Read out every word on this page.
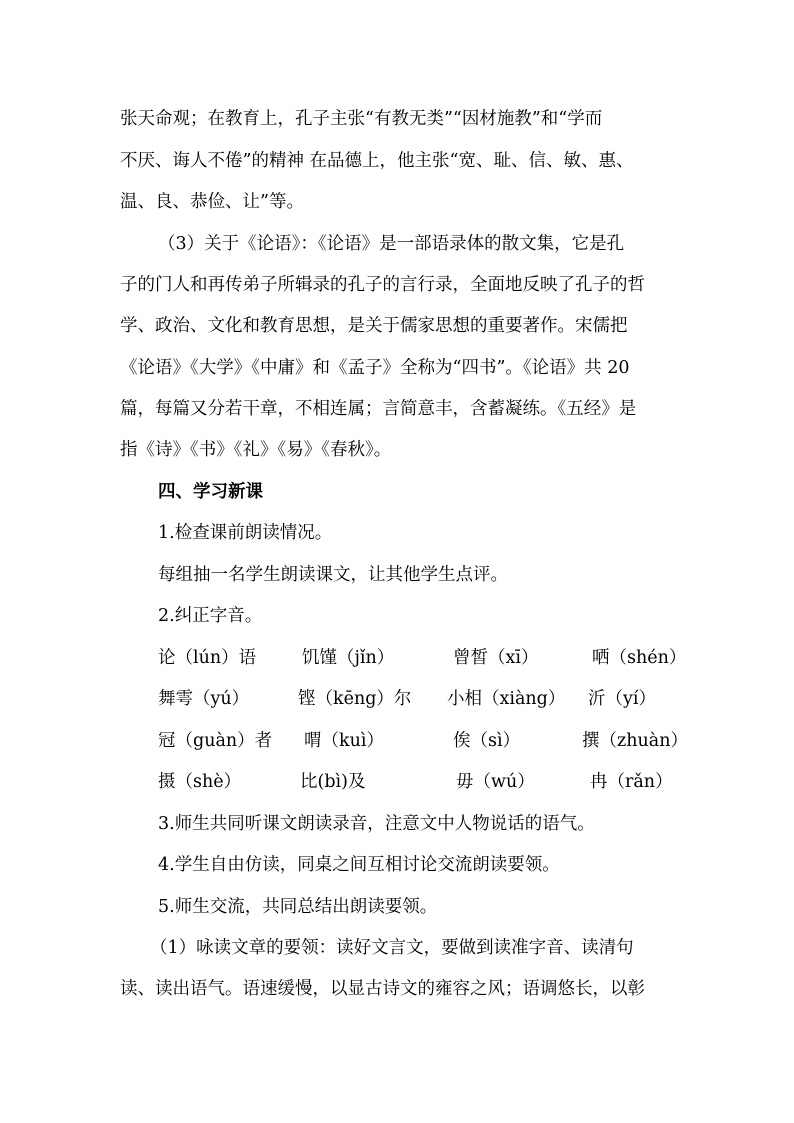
张天命观；在教育上，孔子主张“有教无类”“因材施教”和“学而
不厌、诲人不倦”的精神 在品德上，他主张“宽、耻、信、敏、惠、
温、良、恭俭、让”等。
（3）关于《论语》：《论语》是一部语录体的散文集，它是孔
子的门人和再传弟子所辑录的孔子的言行录，全面地反映了孔子的哲
学、政治、文化和教育思想，是关于儒家思想的重要著作。宋儒把
《论语》《大学》《中庸》和《孟子》全称为“四书”。《论语》共 20
篇，每篇又分若干章，不相连属；言简意丰，含蓄凝练。《五经》是
指《诗》《书》《礼》《易》《春秋》。
四、学习新课
1.检查课前朗读情况。
每组抽一名学生朗读课文，让其他学生点评。
2.纠正字音。
论（lún）语	饥馑（jǐn）	曾皙（xī）	哂（shén）
舞雩（yú）	铿（kēng）尔 小相（xiàng） 沂（yí）
冠（guàn）者 喟（kuì）	俟（sì）	撰（zhuàn）
摄（shè）	比(bì)及	毋（wú）	冉（rǎn）
3.师生共同听课文朗读录音，注意文中人物说话的语气。
4.学生自由仿读，同桌之间互相讨论交流朗读要领。
5.师生交流，共同总结出朗读要领。
（1）咏读文章的要领：读好文言文，要做到读准字音、读清句
读、读出语气。语速缓慢，以显古诗文的雍容之风；语调悠长，以彰
